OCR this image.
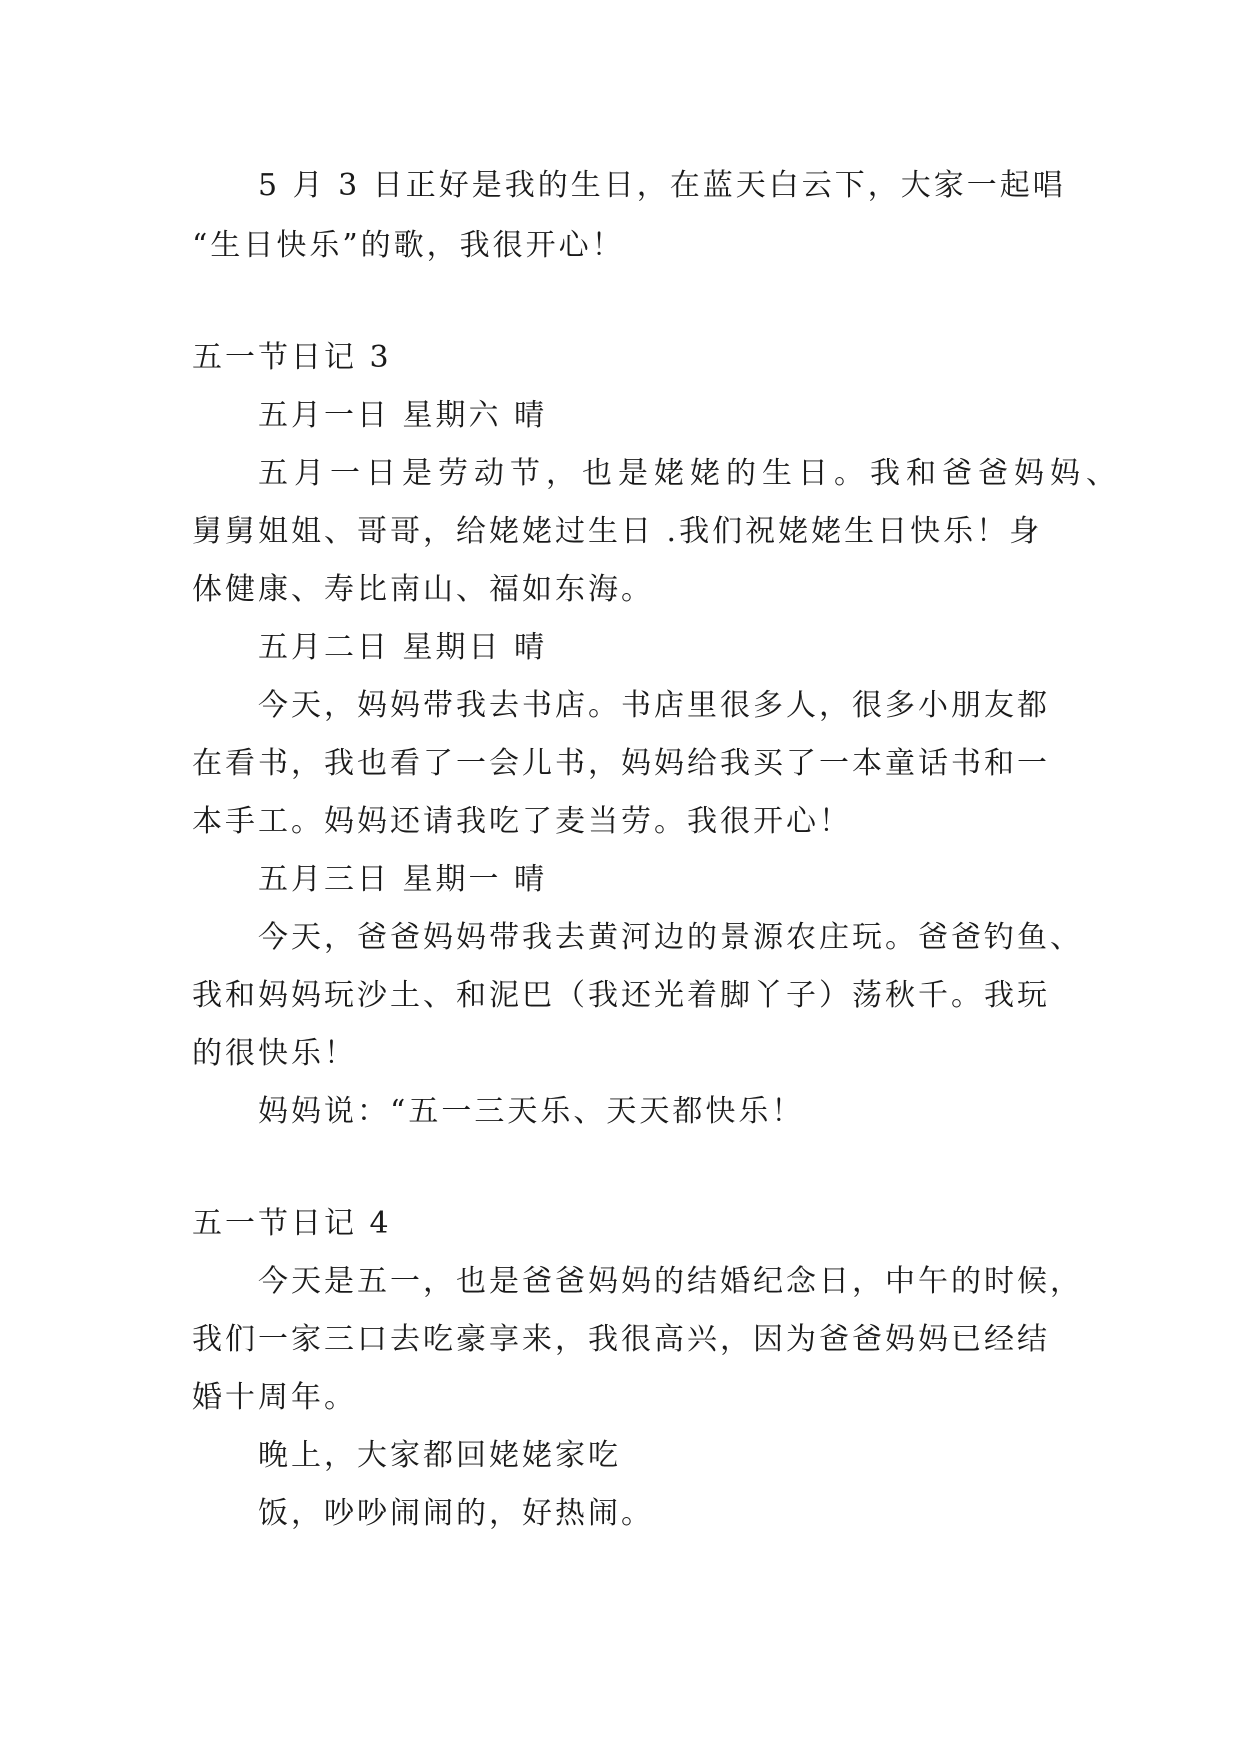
5 月 3 日正好是我的生日，在蓝天白云下，大家一起唱
“生日快乐”的歌，我很开心！
五一节日记 3
五月一日 星期六 晴
五月一日是劳动节，也是姥姥的生日。我和爸爸妈妈、
舅舅姐姐、哥哥，给姥姥过生日 .我们祝姥姥生日快乐！身
体健康、寿比南山、福如东海。
五月二日 星期日 晴
今天，妈妈带我去书店。书店里很多人，很多小朋友都
在看书，我也看了一会儿书，妈妈给我买了一本童话书和一
本手工。妈妈还请我吃了麦当劳。我很开心！
五月三日 星期一 晴
今天，爸爸妈妈带我去黄河边的景源农庄玩。爸爸钓鱼、
我和妈妈玩沙土、和泥巴（我还光着脚丫子）荡秋千。我玩
的很快乐！
妈妈说：“五一三天乐、天天都快乐！
五一节日记 4
今天是五一，也是爸爸妈妈的结婚纪念日，中午的时候，
我们一家三口去吃豪享来，我很高兴，因为爸爸妈妈已经结
婚十周年。
晚上，大家都回姥姥家吃
饭，吵吵闹闹的，好热闹。
